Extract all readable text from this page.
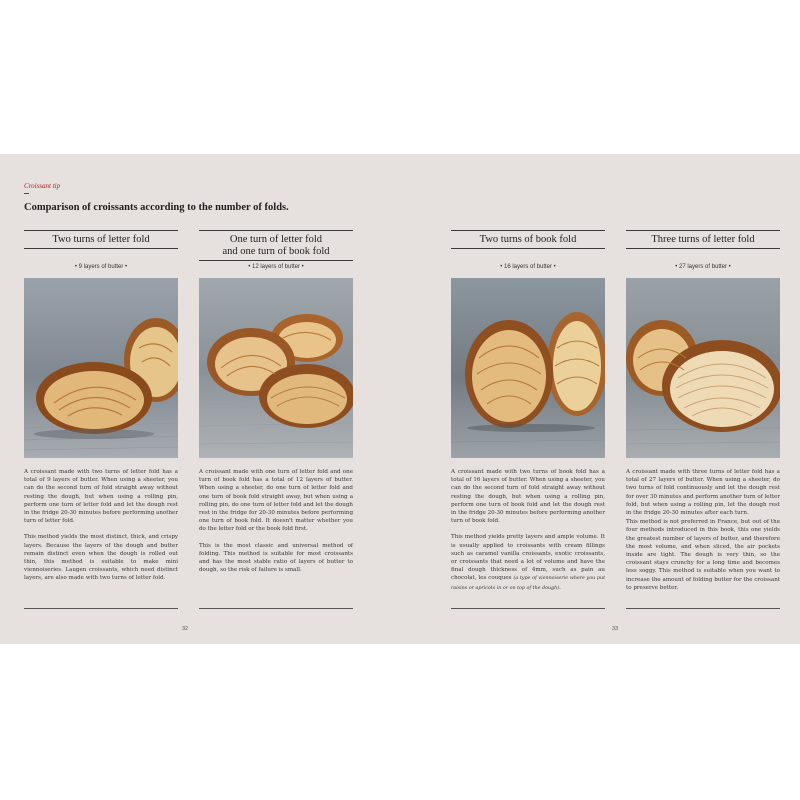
Croissant tip
Comparison of croissants according to the number of folds.
Two turns of letter fold
• 9 layers of butter •

A croissant made with two turns of letter fold has a total of 9 layers of butter. When using a sheeter, you can do the second turn of fold straight away without resting the dough, but when using a rolling pin, perform one turn of letter fold and let the dough rest in the fridge 20-30 minutes before performing another turn of letter fold.

This method yields the most distinct, thick, and crispy layers. Because the layers of the dough and butter remain distinct even when the dough is rolled out thin, this method is suitable to make mini viennoiseries. Laugen croissants, which need distinct layers, are also made with two turns of letter fold.

One turn of letter fold
and one turn of book fold
• 12 layers of butter •

A croissant made with one turn of letter fold and one turn of book fold has a total of 12 layers of butter. When using a sheeter, do one turn of letter fold and one turn of book fold straight away, but when using a rolling pin, do one turn of letter fold and let the dough rest in the fridge for 20-30 minutes before performing one turn of book fold. It doesn't matter whether you do the letter fold or the book fold first.

This is the most classic and universal method of folding. This method is suitable for most croissants and has the most stable ratio of layers of butter to dough, so the risk of failure is small.

32
Two turns of book fold
• 16 layers of butter •

A croissant made with two turns of book fold has a total of 16 layers of butter. When using a sheeter, you can do the second turn of fold straight away without resting the dough, but when using a rolling pin, perform one turn of book fold and let the dough rest in the fridge 20-30 minutes before performing another turn of book fold.

This method yields pretty layers and ample volume. It is usually applied to croissants with cream fillings such as caramel vanilla croissants, exotic croissants, or croissants that need a lot of volume and have the final dough thickness of 4mm, such as pain au chocolat, les couques (a type of viennoiserie where you put raisins or apricots in or on top of the dough).

Three turns of letter fold
• 27 layers of butter •

A croissant made with three turns of letter fold has a total of 27 layers of butter. When using a sheeter, do two turns of fold continuously and let the dough rest for over 30 minutes and perform another turn of letter fold, but when using a rolling pin, let the dough rest in the fridge 20-30 minutes after each turn.

This method is not preferred in France, but out of the four methods introduced in this book, this one yields the greatest number of layers of butter, and therefore the most volume, and when sliced, the air pockets inside are tight. The dough is very thin, so the croissant stays crunchy for a long time and becomes less soggy. This method is suitable when you want to increase the amount of folding butter for the croissant to preserve better.

33
